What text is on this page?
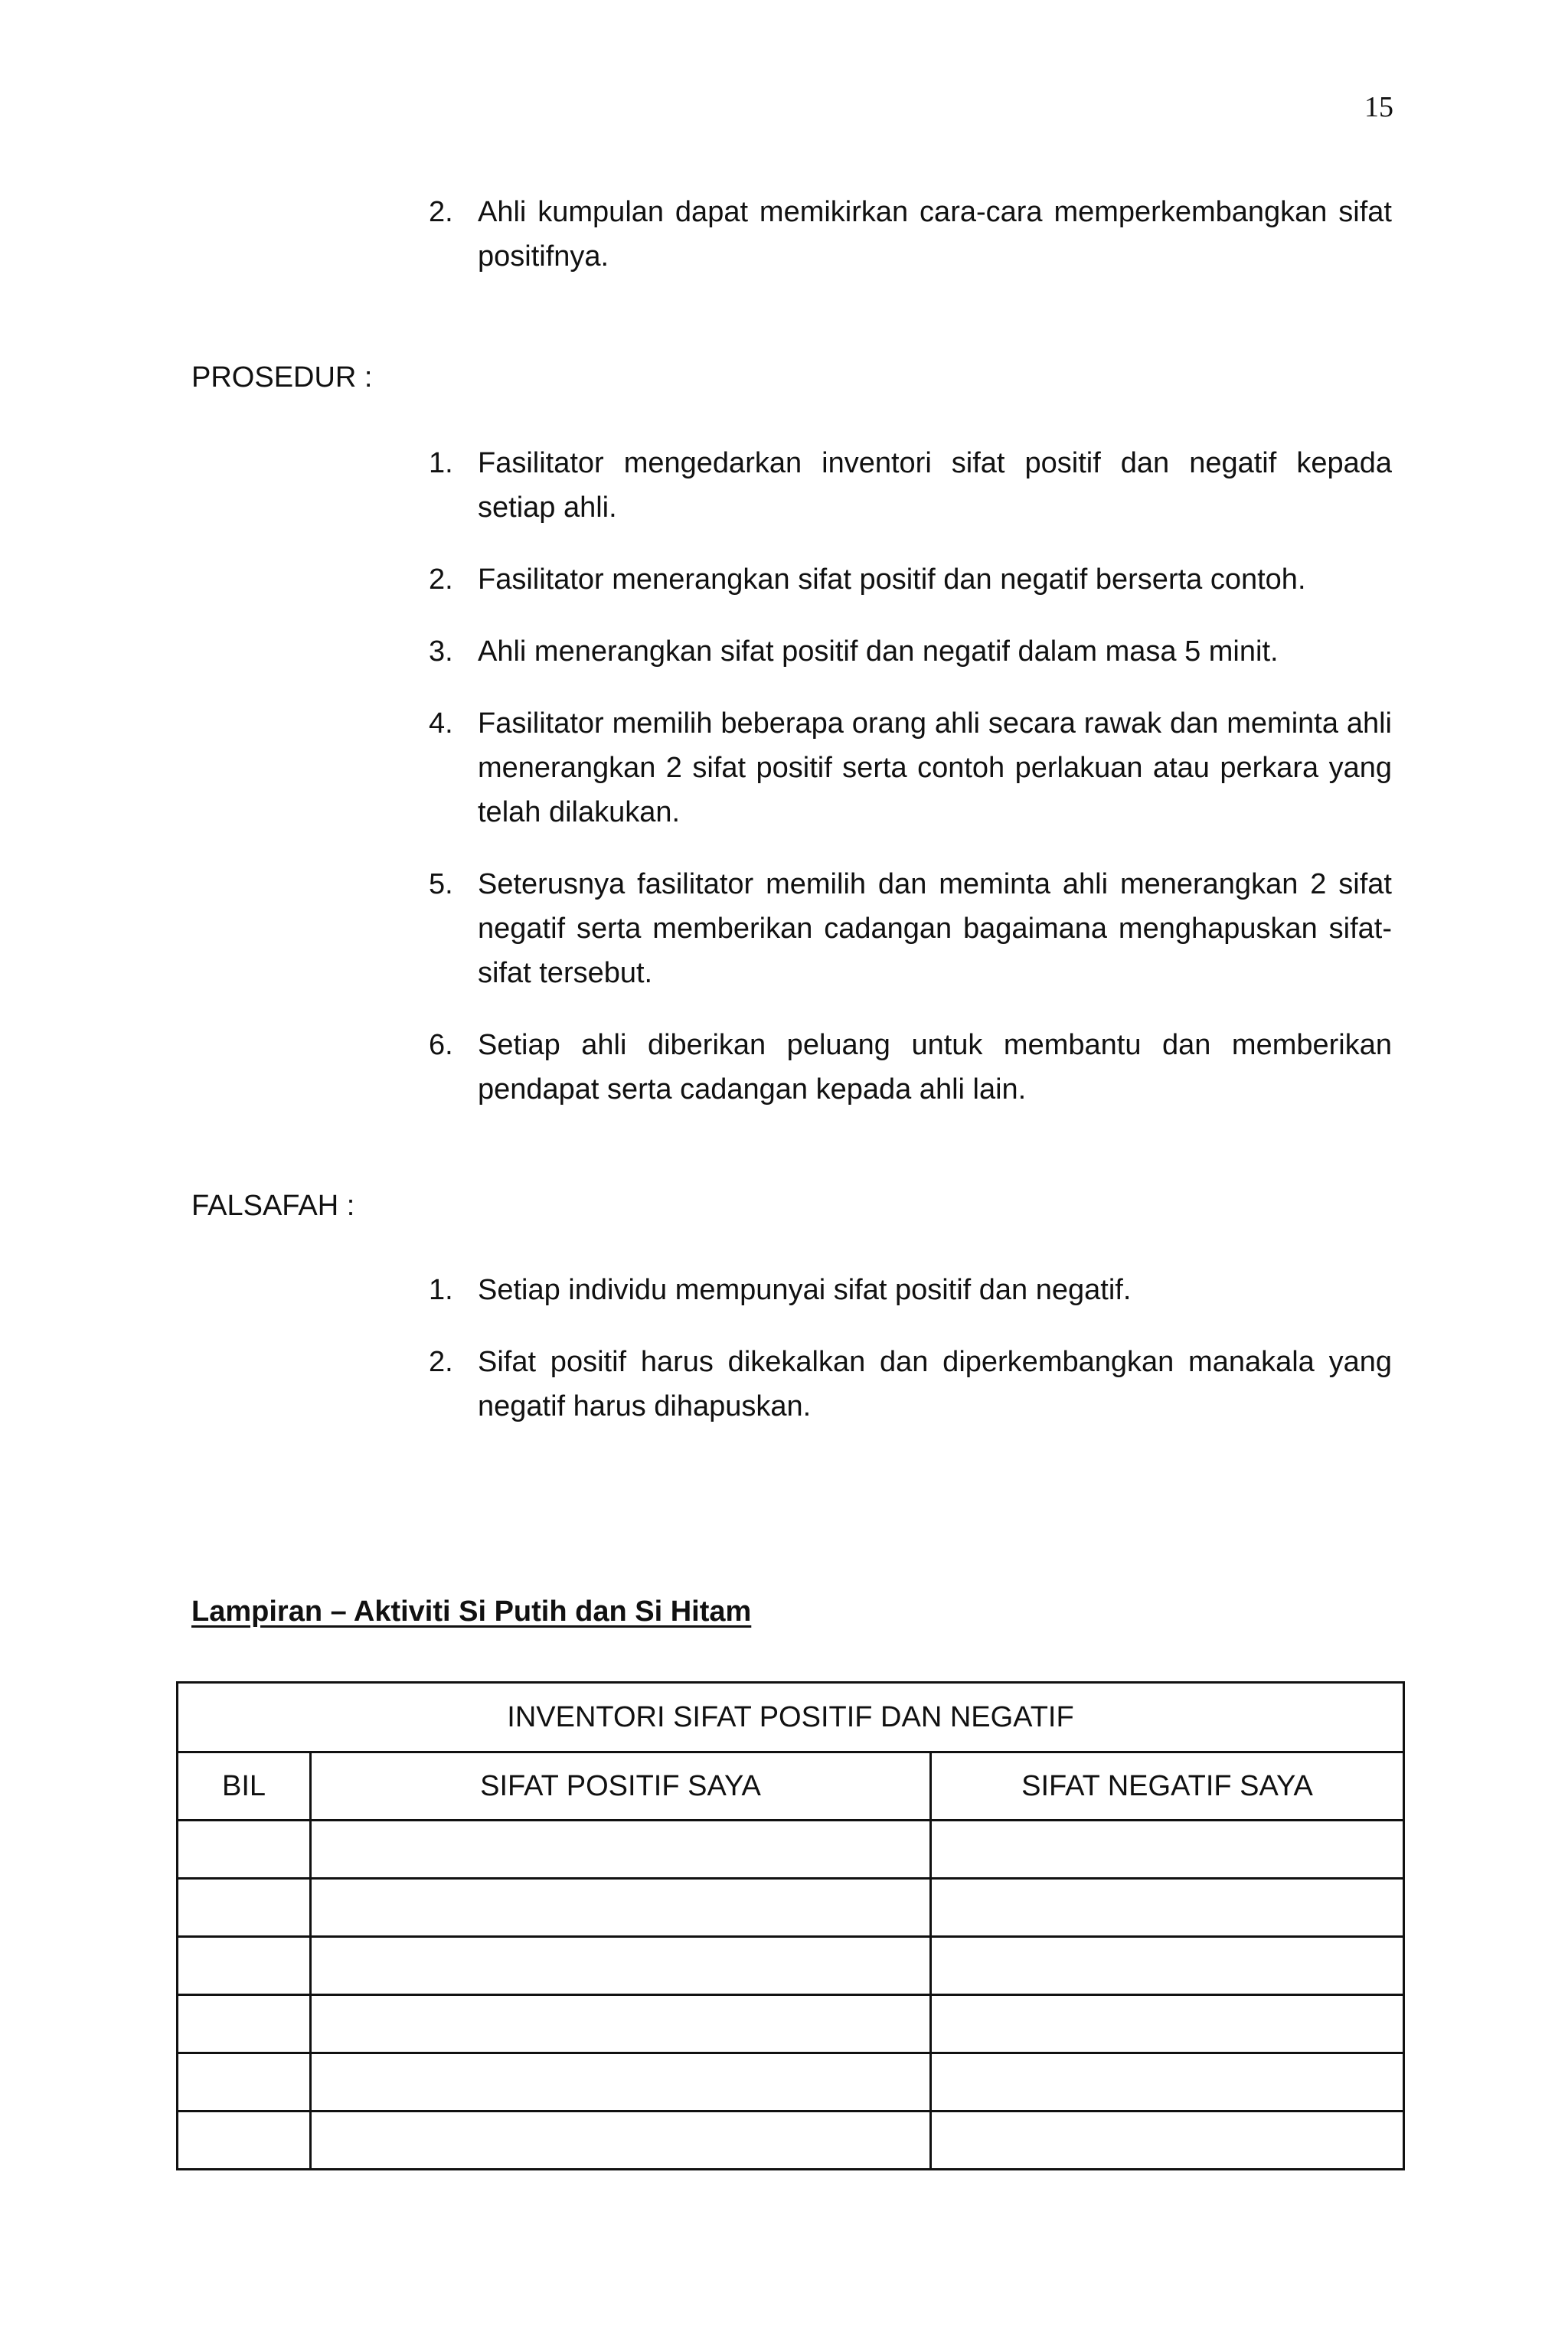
15
2. Ahli kumpulan dapat memikirkan cara-cara memperkembangkan sifat positifnya.
PROSEDUR :
1. Fasilitator mengedarkan inventori sifat positif dan negatif kepada setiap ahli.
2. Fasilitator menerangkan sifat positif dan negatif berserta contoh.
3. Ahli menerangkan sifat positif dan negatif dalam masa 5 minit.
4. Fasilitator memilih beberapa orang ahli secara rawak dan meminta ahli menerangkan 2 sifat positif serta contoh perlakuan atau perkara yang telah dilakukan.
5. Seterusnya fasilitator memilih dan meminta ahli menerangkan 2 sifat negatif serta memberikan cadangan bagaimana menghapuskan sifat-sifat tersebut.
6. Setiap ahli diberikan peluang untuk membantu dan memberikan pendapat serta cadangan kepada ahli lain.
FALSAFAH :
1. Setiap individu mempunyai sifat positif dan negatif.
2. Sifat positif harus dikekalkan dan diperkembangkan manakala yang negatif harus dihapuskan.
Lampiran – Aktiviti Si Putih dan Si Hitam
INVENTORI SIFAT POSITIF DAN NEGATIF		
BIL	SIFAT POSITIF SAYA	SIFAT NEGATIF SAYA
